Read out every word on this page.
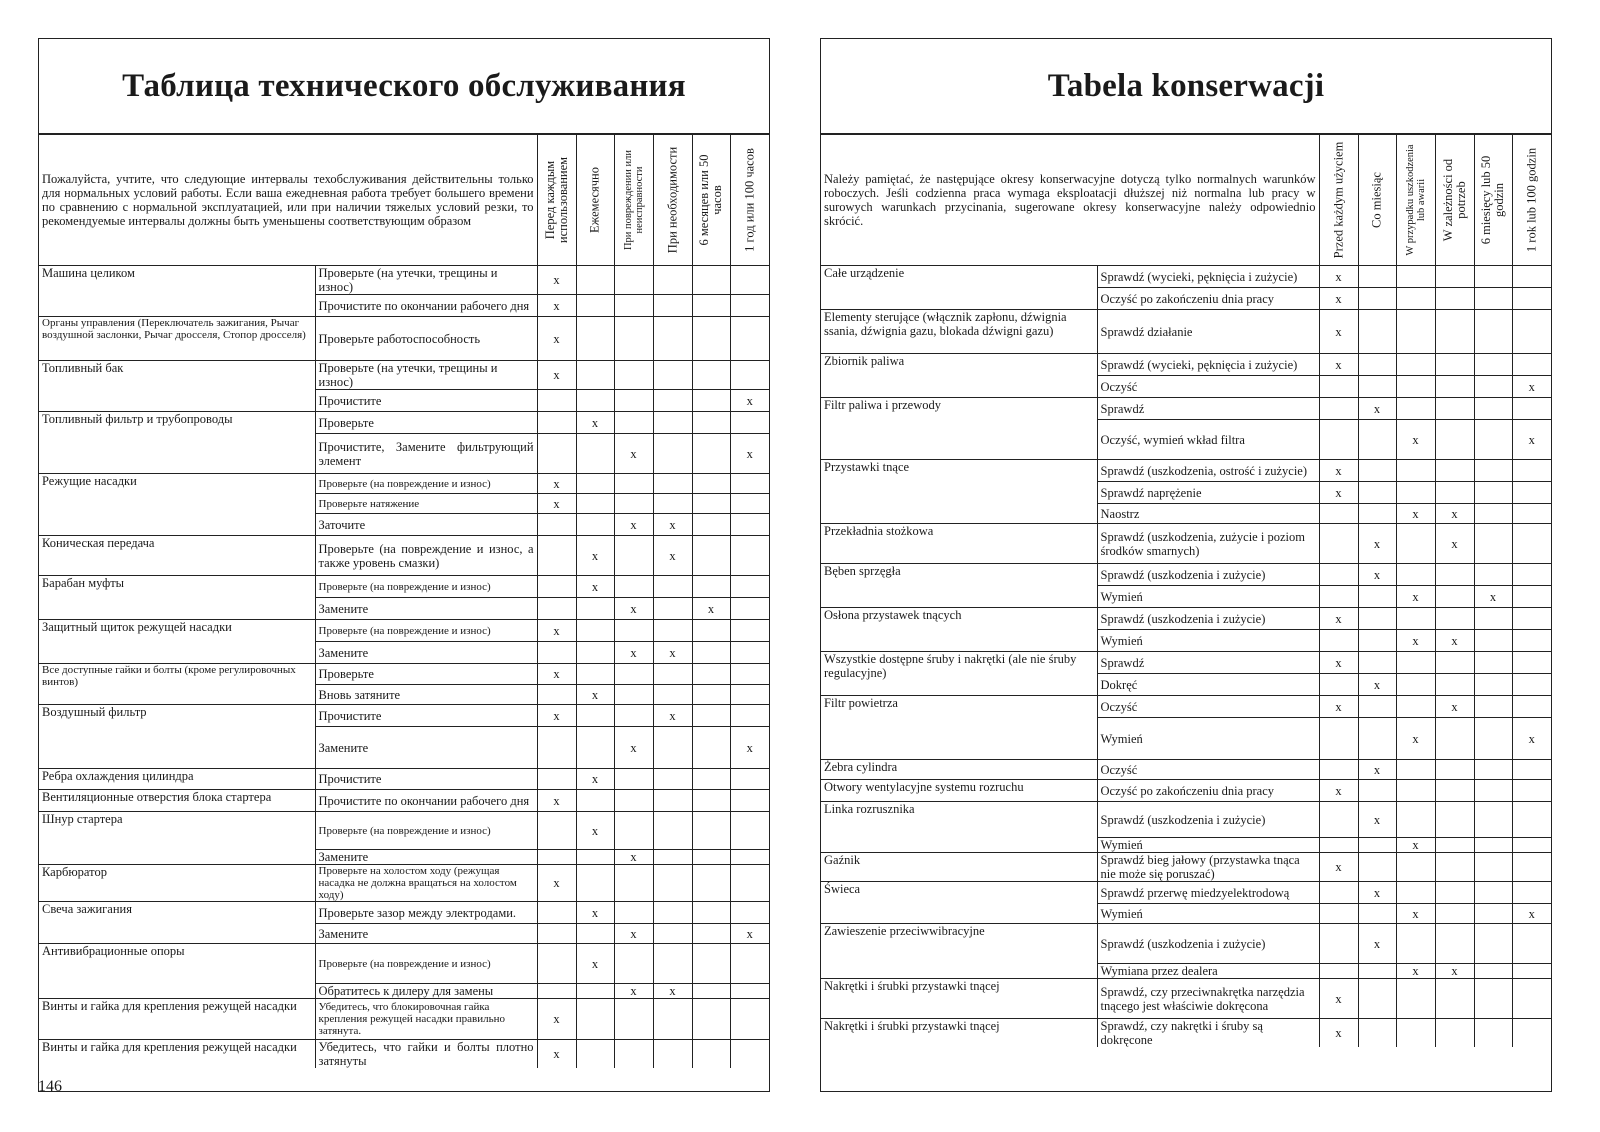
Таблица технического обслуживания
Пожалуйста, учтите, что следующие интервалы техобслуживания действительны только для нормальных условий работы. Если ваша ежедневная работа требует большего времени по сравнению с нормальной эксплуатацией, или при наличии тяжелых условий резки, то рекомендуемые интервалы должны быть уменьшены соответствующим образом		Перед каждым использованием	Ежемесячно	При повреждении или неисправности	При необходимости	6 месяцев или 50 часов	1 год или 100 часов

Машина целиком	Проверьте (на утечки, трещины и износ)	x					
	Прочистите по окончании рабочего дня	x					
Органы управления (Переключатель зажигания, Рычаг воздушной заслонки, Рычаг дросселя, Стопор дросселя)	Проверьте работоспособность	x					
Топливный бак	Проверьте (на утечки, трещины и износ)	x					
	Прочистите						x
Топливный фильтр и трубопроводы	Проверьте		x				
	Прочистите, Замените фильтрующий элемент			x			x
Режущие насадки	Проверьте (на повреждение и износ)	x					
	Проверьте натяжение	x					
	Заточите			x	x		
Коническая передача	Проверьте (на повреждение и износ, а также уровень смазки)		x		x		
Барабан муфты	Проверьте (на повреждение и износ)		x				
	Замените			x		x	
Защитный щиток режущей насадки	Проверьте (на повреждение и износ)	x					
	Замените			x	x		
Все доступные гайки и болты (кроме регулировочных винтов)	Проверьте	x					
	Вновь затяните		x				
Воздушный фильтр	Прочистите	x			x		
	Замените			x			x
Ребра охлаждения цилиндра	Прочистите		x				
Вентиляционные отверстия блока стартера	Прочистите по окончании рабочего дня	x					
Шнур стартера	Проверьте (на повреждение и износ)		x				
	Замените			x			
Карбюратор	Проверьте на холостом ходу (режущая насадка не должна вращаться на холостом ходу)	x					
Свеча зажигания	Проверьте зазор между электродами.		x				
	Замените			x			x
Антивибрационные опоры	Проверьте (на повреждение и износ)		x				
	Обратитесь к дилеру для замены			x	x		
Винты и гайка для крепления режущей насадки	Убедитесь, что блокировочная гайка крепления режущей насадки правильно затянута.	x					
Винты и гайка для крепления режущей насадки	Убедитесь, что гайки и болты плотно затянуты	x					
Tabela konserwacji
Należy pamiętać, że następujące okresy konserwacyjne dotyczą tylko normalnych warunków roboczych. Jeśli codzienna praca wymaga eksploatacji dłuższej niż normalna lub pracy w surowych warunkach przycinania, sugerowane okresy konserwacyjne należy odpowiednio skrócić.		Przed każdym użyciem	Co miesiąc	W przypadku uszkodzenia lub awarii	W zależności od potrzeb	6 miesięcy lub 50 godzin	1 rok lub 100 godzin

Całe urządzenie	Sprawdź (wycieki, pęknięcia i zużycie)	x					
	Oczyść po zakończeniu dnia pracy	x					
Elementy sterujące (włącznik zapłonu, dźwignia ssania, dźwignia gazu, blokada dźwigni gazu)	Sprawdź działanie	x					
Zbiornik paliwa	Sprawdź (wycieki, pęknięcia i zużycie)	x					
	Oczyść						x
Filtr paliwa i przewody	Sprawdź		x				
	Oczyść, wymień wkład filtra			x			x
Przystawki tnące	Sprawdź (uszkodzenia, ostrość i zużycie)	x					
	Sprawdź naprężenie	x					
	Naostrz			x	x		
Przekładnia stożkowa	Sprawdź (uszkodzenia, zużycie i poziom środków smarnych)		x		x		
Bęben sprzęgła	Sprawdź (uszkodzenia i zużycie)		x				
	Wymień			x		x	
Osłona przystawek tnących	Sprawdź (uszkodzenia i zużycie)	x					
	Wymień			x	x		
Wszystkie dostępne śruby i nakrętki (ale nie śruby regulacyjne)	Sprawdź	x					
	Dokręć		x				
Filtr powietrza	Oczyść	x			x		
	Wymień			x			x
Żebra cylindra	Oczyść		x				
Otwory wentylacyjne systemu rozruchu	Oczyść po zakończeniu dnia pracy	x					
Linka rozrusznika	Sprawdź (uszkodzenia i zużycie)		x				
	Wymień			x			
Gaźnik	Sprawdź bieg jałowy (przystawka tnąca nie może się poruszać)	x					
Świeca	Sprawdź przerwę miedzyelektrodową		x				
	Wymień			x			x
Zawieszenie przeciwwibracyjne	Sprawdź (uszkodzenia i zużycie)		x				
	Wymiana przez dealera			x	x		
Nakrętki i śrubki przystawki tnącej	Sprawdź, czy przeciwnakrętka narzędzia tnącego jest właściwie dokręcona	x					
Nakrętki i śrubki przystawki tnącej	Sprawdź, czy nakrętki i śruby są dokręcone	x					
146
